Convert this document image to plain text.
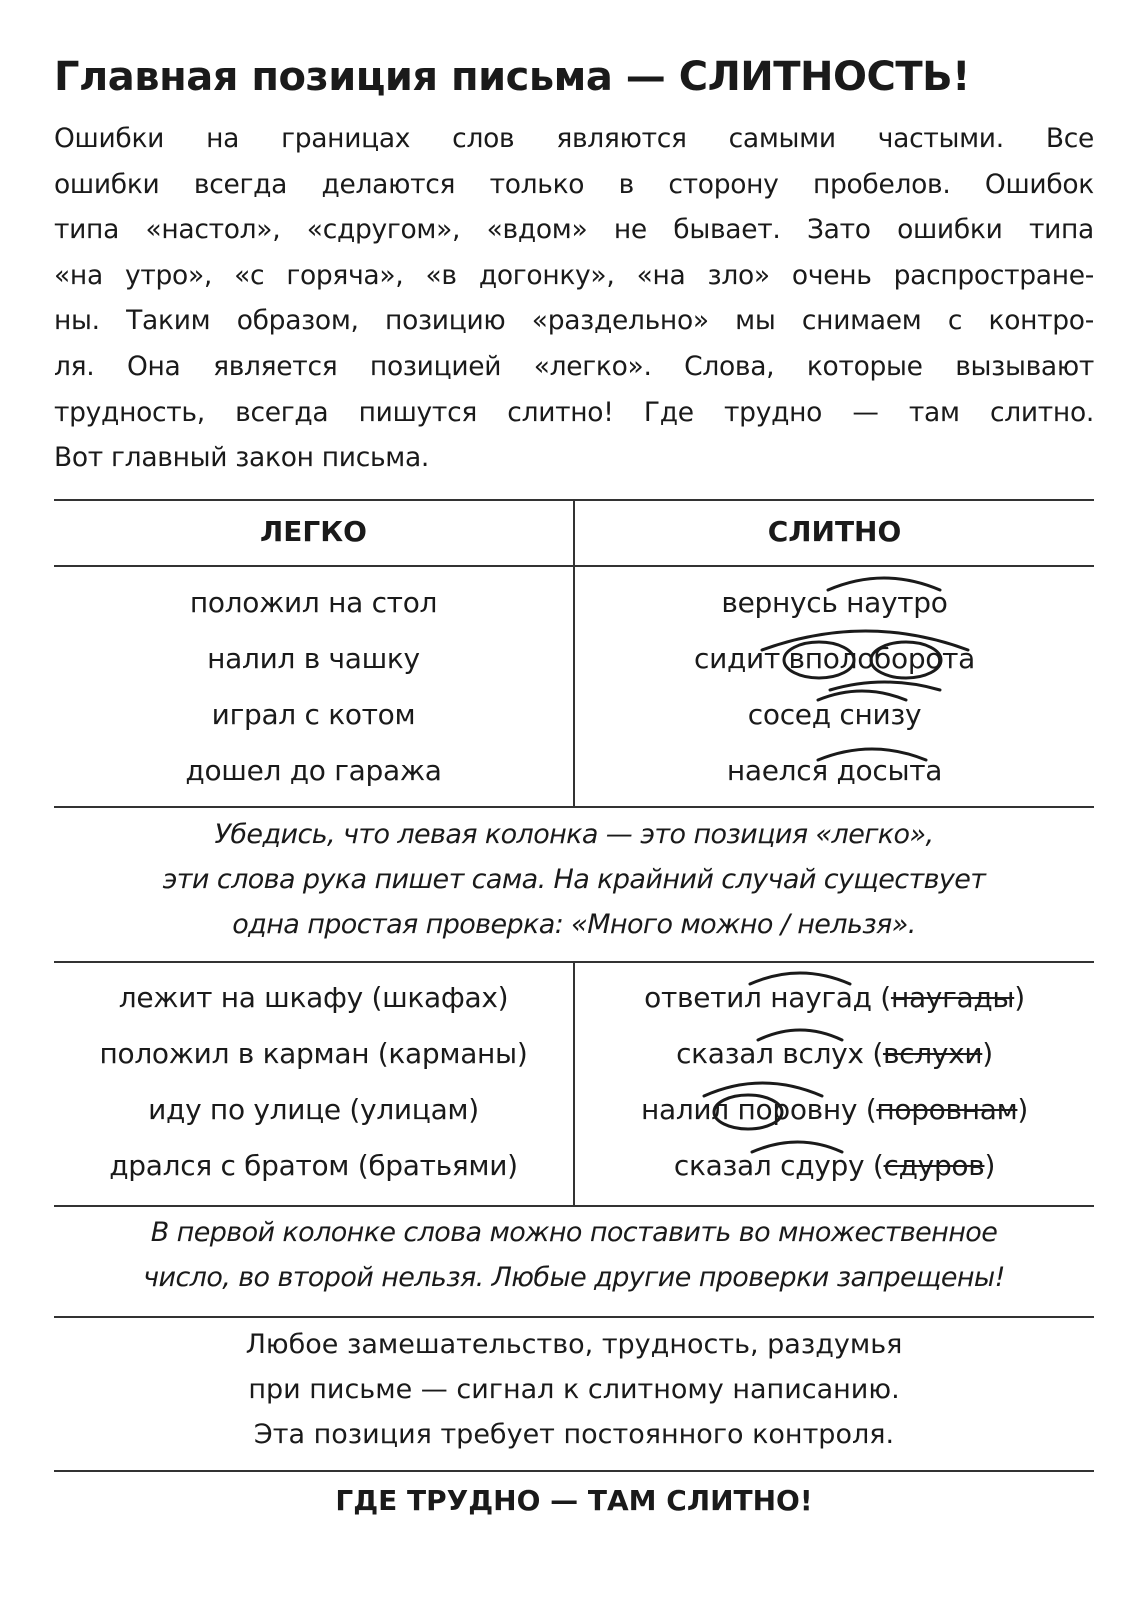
Главная позиция письма — СЛИТНОСТЬ!
Ошибки на границах слов являются самыми частыми. Все
ошибки всегда делаются только в сторону пробелов. Ошибок
типа «настол», «сдругом», «вдом» не бывает. Зато ошибки типа
«на утро», «с горяча», «в догонку», «на зло» очень распростране-
ны. Таким образом, позицию «раздельно» мы снимаем с контро-
ля. Она является позицией «легко». Слова, которые вызывают
трудность, всегда пишутся слитно! Где трудно — там слитно.
Вот главный закон письма.
ЛЕГКО	СЛИТНО
положил на стол
налил в чашку
играл с котом
дошел до гаража
вернусь наутро
сидит вполоборота
сосед снизу
наелся досыта
Убедись, что левая колонка — это позиция «легко»,
эти слова рука пишет сама. На крайний случай существует
одна простая проверка: «Много можно / нельзя».
лежит на шкафу (шкафах)
положил в карман (карманы)
иду по улице (улицам)
дрался с братом (братьями)
ответил наугад (наугады)
сказал вслух (вслухи)
налил поровну (поровнам)
сказал сдуру (сдуров)
В первой колонке слова можно поставить во множественное
число, во второй нельзя. Любые другие проверки запрещены!
Любое замешательство, трудность, раздумья
при письме — сигнал к слитному написанию.
Эта позиция требует постоянного контроля.
ГДЕ ТРУДНО — ТАМ СЛИТНО!
